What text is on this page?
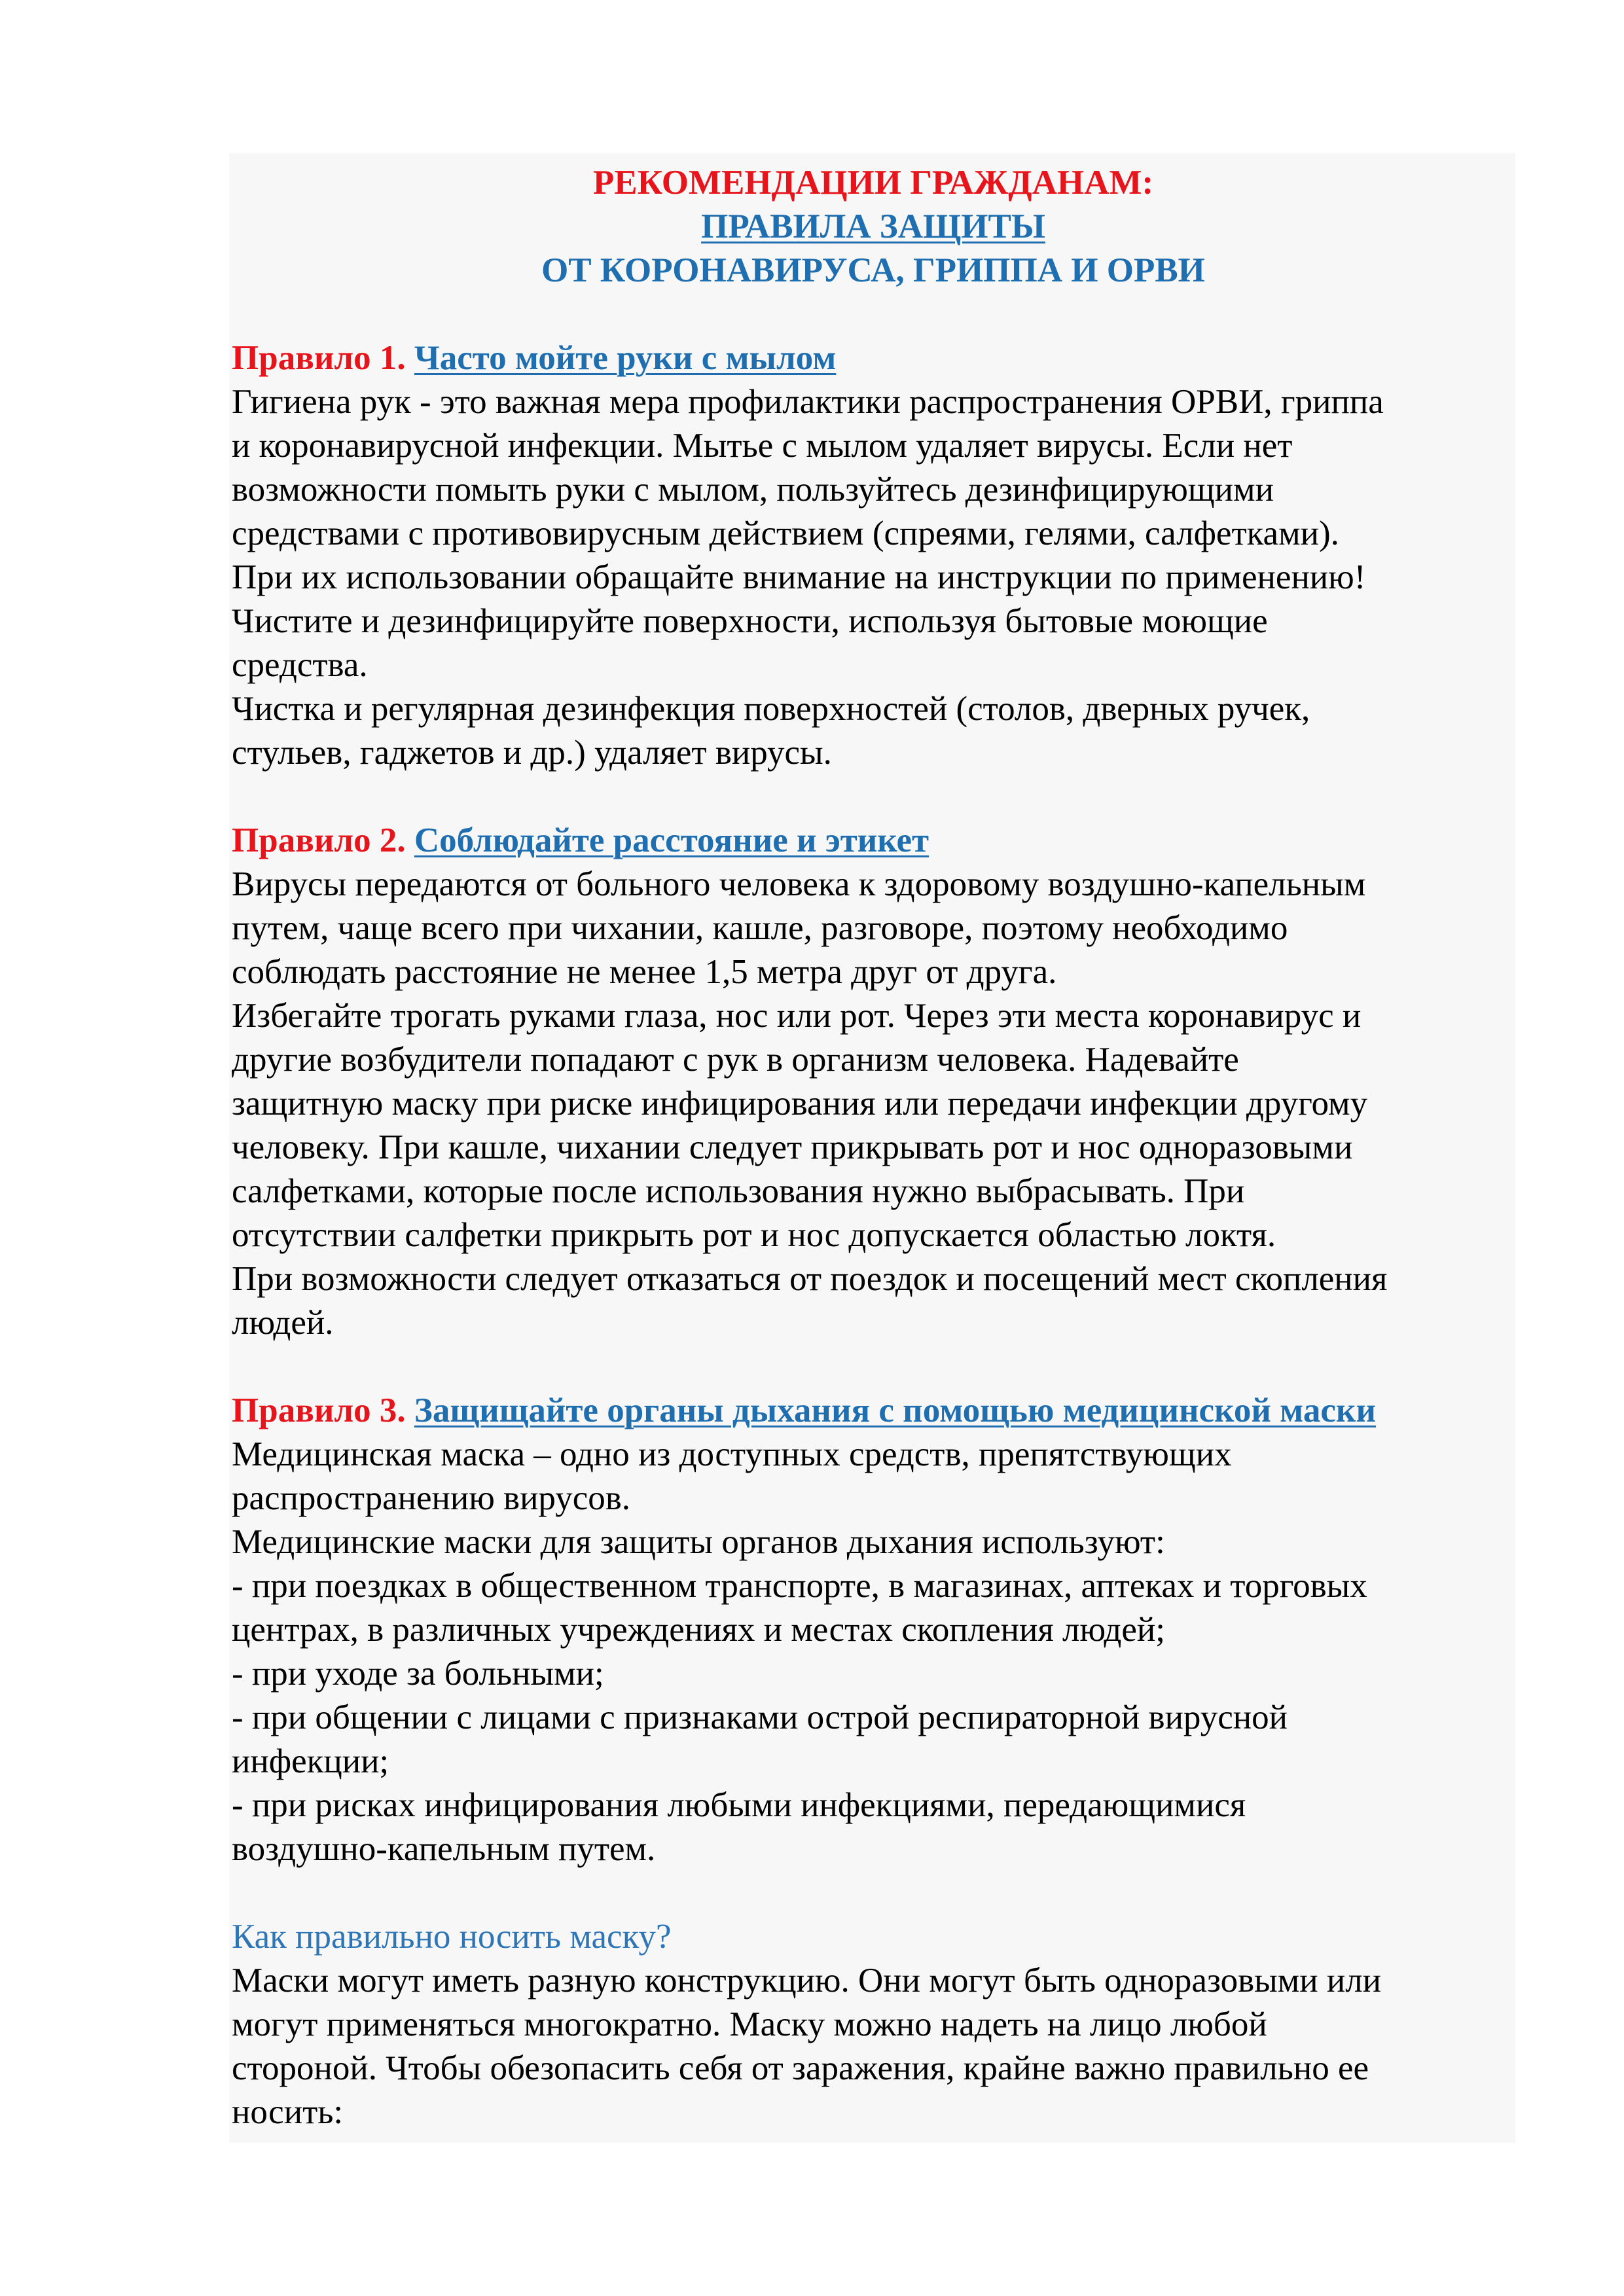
РЕКОМЕНДАЦИИ ГРАЖДАНАМ:
ПРАВИЛА ЗАЩИТЫ
ОТ КОРОНАВИРУСА, ГРИППА И ОРВИ
Правило 1. Часто мойте руки с мылом
Гигиена рук - это важная мера профилактики распространения ОРВИ, гриппа
и коронавирусной инфекции. Мытье с мылом удаляет вирусы. Если нет
возможности помыть руки с мылом, пользуйтесь дезинфицирующими
средствами с противовирусным действием (спреями, гелями, салфетками).
При их использовании обращайте внимание на инструкции по применению!
Чистите и дезинфицируйте поверхности, используя бытовые моющие
средства.
Чистка и регулярная дезинфекция поверхностей (столов, дверных ручек,
стульев, гаджетов и др.) удаляет вирусы.
Правило 2. Соблюдайте расстояние и этикет
Вирусы передаются от больного человека к здоровому воздушно-капельным
путем, чаще всего при чихании, кашле, разговоре, поэтому необходимо
соблюдать расстояние не менее 1,5 метра друг от друга.
Избегайте трогать руками глаза, нос или рот. Через эти места коронавирус и
другие возбудители попадают с рук в организм человека. Надевайте
защитную маску при риске инфицирования или передачи инфекции другому
человеку. При кашле, чихании следует прикрывать рот и нос одноразовыми
салфетками, которые после использования нужно выбрасывать. При
отсутствии салфетки прикрыть рот и нос допускается областью локтя.
При возможности следует отказаться от поездок и посещений мест скопления
людей.
Правило 3. Защищайте органы дыхания с помощью медицинской маски
Медицинская маска – одно из доступных средств, препятствующих
распространению вирусов.
Медицинские маски для защиты органов дыхания используют:
- при поездках в общественном транспорте, в магазинах, аптеках и торговых
центрах, в различных учреждениях и местах скопления людей;
- при уходе за больными;
- при общении с лицами с признаками острой респираторной вирусной
инфекции;
- при рисках инфицирования любыми инфекциями, передающимися
воздушно-капельным путем.
Как правильно носить маску?
Маски могут иметь разную конструкцию. Они могут быть одноразовыми или
могут применяться многократно. Маску можно надеть на лицо любой
стороной. Чтобы обезопасить себя от заражения, крайне важно правильно ее
носить:
